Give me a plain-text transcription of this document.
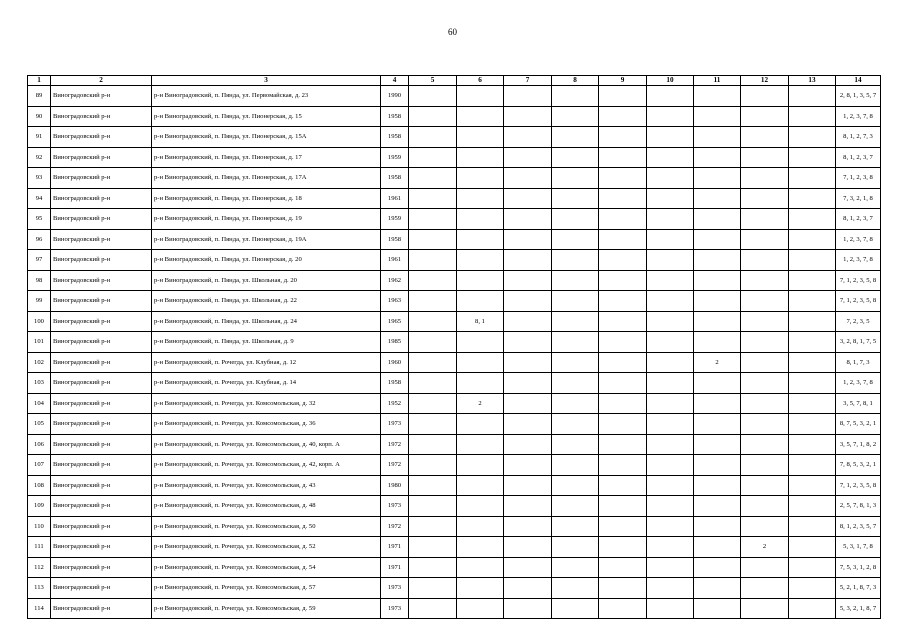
60
1	2	3	4	5	6	7	8	9	10	11	12	13	14
89	Виноградовский р-н	р-н Виноградовский, п. Пяндa, ул. Первомайская, д. 23	1990										2, 8, 1, 3, 5, 7
90	Виноградовский р-н	р-н Виноградовский, п. Пянда, ул. Пионерская, д. 15	1958										1, 2, 3, 7, 8
91	Виноградовский р-н	р-н Виноградовский, п. Пянда, ул. Пионерская, д. 15А	1958										8, 1, 2, 7, 3
92	Виноградовский р-н	р-н Виноградовский, п. Пянда, ул. Пионерская, д. 17	1959										8, 1, 2, 3, 7
93	Виноградовский р-н	р-н Виноградовский, п. Пянда, ул. Пионерская, д. 17А	1958										7, 1, 2, 3, 8
94	Виноградовский р-н	р-н Виноградовский, п. Пянда, ул. Пионерская, д. 18	1961										7, 3, 2, 1, 8
95	Виноградовский р-н	р-н Виноградовский, п. Пянда, ул. Пионерская, д. 19	1959										8, 1, 2, 3, 7
96	Виноградовский р-н	р-н Виноградовский, п. Пянда, ул. Пионерская, д. 19А	1958										1, 2, 3, 7, 8
97	Виноградовский р-н	р-н Виноградовский, п. Пянда, ул. Пионерская, д. 20	1961										1, 2, 3, 7, 8
98	Виноградовский р-н	р-н Виноградовский, п. Пянда, ул. Школьная, д. 20	1962										7, 1, 2, 3, 5, 8
99	Виноградовский р-н	р-н Виноградовский, п. Пянда, ул. Школьная, д. 22	1963										7, 1, 2, 3, 5, 8
100	Виноградовский р-н	р-н Виноградовский, п. Пянда, ул. Школьная, д. 24	1965		8, 1								7, 2, 3, 5
101	Виноградовский р-н	р-н Виноградовский, п. Пянда, ул. Школьная, д. 9	1985										3, 2, 8, 1, 7, 5
102	Виноградовский р-н	р-н Виноградовский, п. Рочегда, ул. Клубная, д. 12	1960							2			8, 1, 7, 3
103	Виноградовский р-н	р-н Виноградовский, п. Рочегда, ул. Клубная, д. 14	1958										1, 2, 3, 7, 8
104	Виноградовский р-н	р-н Виноградовский, п. Рочегда, ул. Комсомольская, д. 32	1952		2								3, 5, 7, 8, 1
105	Виноградовский р-н	р-н Виноградовский, п. Рочегда, ул. Комсомольская, д. 36	1973										8, 7, 5, 3, 2, 1
106	Виноградовский р-н	р-н Виноградовский, п. Рочегда, ул. Комсомольская, д. 40, корп. А	1972										3, 5, 7, 1, 8, 2
107	Виноградовский р-н	р-н Виноградовский, п. Рочегда, ул. Комсомольская, д. 42, корп. А	1972										7, 8, 5, 3, 2, 1
108	Виноградовский р-н	р-н Виноградовский, п. Рочегда, ул. Комсомольская, д. 43	1980										7, 1, 2, 3, 5, 8
109	Виноградовский р-н	р-н Виноградовский, п. Рочегда, ул. Комсомольская, д. 48	1973										2, 5, 7, 8, 1, 3
110	Виноградовский р-н	р-н Виноградовский, п. Рочегда, ул. Комсомольская, д. 50	1972										8, 1, 2, 3, 5, 7
111	Виноградовский р-н	р-н Виноградовский, п. Рочегда, ул. Комсомольская, д. 52	1971								2		5, 3, 1, 7, 8
112	Виноградовский р-н	р-н Виноградовский, п. Рочегда, ул. Комсомольская, д. 54	1971										7, 5, 3, 1, 2, 8
113	Виноградовский р-н	р-н Виноградовский, п. Рочегда, ул. Комсомольская, д. 57	1973										5, 2, 1, 8, 7, 3
114	Виноградовский р-н	р-н Виноградовский, п. Рочегда, ул. Комсомольская, д. 59	1973										5, 3, 2, 1, 8, 7
